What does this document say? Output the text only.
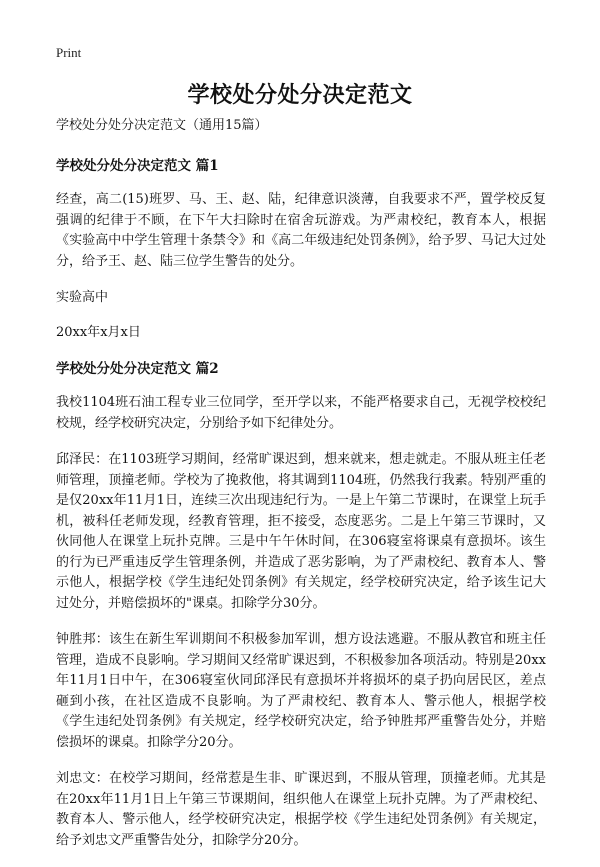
Print
学校处分处分决定范文

学校处分处分决定范文（通用15篇）

学校处分处分决定范文 篇1

经查，高二(15)班罗、马、王、赵、陆，纪律意识淡薄，自我要求不严，置学校反复强调的纪律于不顾，在下午大扫除时在宿舍玩游戏。为严肃校纪，教育本人，根据《实验高中中学生管理十条禁令》和《高二年级违纪处罚条例》，给予罗、马记大过处分，给予王、赵、陆三位学生警告的处分。

实验高中

20xx年x月x日

学校处分处分决定范文 篇2

我校1104班石油工程专业三位同学，至开学以来，不能严格要求自己，无视学校校纪校规，经学校研究决定，分别给予如下纪律处分。

邱泽民：在1103班学习期间，经常旷课迟到，想来就来，想走就走。不服从班主任老师管理，顶撞老师。学校为了挽救他，将其调到1104班，仍然我行我素。特别严重的是仅20xx年11月1日，连续三次出现违纪行为。一是上午第二节课时，在课堂上玩手机，被科任老师发现，经教育管理，拒不接受，态度恶劣。二是上午第三节课时，又伙同他人在课堂上玩扑克牌。三是中午午休时间，在306寝室将课桌有意损坏。该生的行为已严重违反学生管理条例，并造成了恶劣影响，为了严肃校纪、教育本人、警示他人，根据学校《学生违纪处罚条例》有关规定，经学校研究决定，给予该生记大过处分，并赔偿损坏的"课桌。扣除学分30分。

钟胜邦：该生在新生军训期间不积极参加军训，想方设法逃避。不服从教官和班主任管理，造成不良影响。学习期间又经常旷课迟到，不积极参加各项活动。特别是20xx年11月1日中午，在306寝室伙同邱泽民有意损坏并将损坏的桌子扔向居民区，差点砸到小孩，在社区造成不良影响。为了严肃校纪、教育本人、警示他人，根据学校《学生违纪处罚条例》有关规定，经学校研究决定，给予钟胜邦严重警告处分，并赔偿损坏的课桌。扣除学分20分。

刘忠文：在校学习期间，经常惹是生非、旷课迟到，不服从管理，顶撞老师。尤其是在20xx年11月1日上午第三节课期间，组织他人在课堂上玩扑克牌。为了严肃校纪、教育本人、警示他人，经学校研究决定，根据学校《学生违纪处罚条例》有关规定，给予刘忠文严重警告处分，扣除学分20分。
